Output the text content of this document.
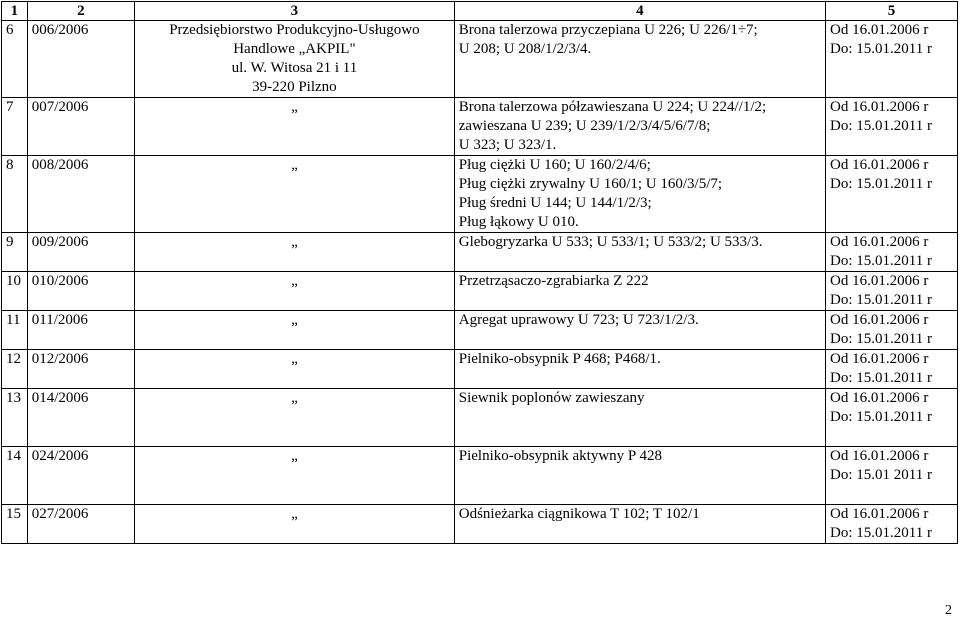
1	2	3	4	5
6	006/2006	Przedsiębiorstwo Produkcyjno-Usługowo
Handlowe „AKPIL"
ul. W. Witosa 21 i 11
39-220 Pilzno	Brona talerzowa przyczepiana U 226; U 226/1÷7;
U 208; U 208/1/2/3/4.	Od 16.01.2006 r
Do: 15.01.2011 r
7	007/2006	„	Brona talerzowa półzawieszana U 224; U 224//1/2;
zawieszana U 239; U 239/1/2/3/4/5/6/7/8;
U 323; U 323/1.	Od 16.01.2006 r
Do: 15.01.2011 r
8	008/2006	„	Pług ciężki U 160; U 160/2/4/6;
Pług ciężki zrywalny U 160/1; U 160/3/5/7;
Pług średni U 144; U 144/1/2/3;
Pług łąkowy U 010.	Od 16.01.2006 r
Do: 15.01.2011 r
9	009/2006	„	Glebogryzarka U 533; U 533/1; U 533/2; U 533/3.	Od 16.01.2006 r
Do: 15.01.2011 r
10	010/2006	„	Przetrząsaczo-zgrabiarka Z 222	Od 16.01.2006 r
Do: 15.01.2011 r
11	011/2006	„	Agregat uprawowy U 723; U 723/1/2/3.	Od 16.01.2006 r
Do: 15.01.2011 r
12	012/2006	„	Pielniko-obsypnik P 468; P468/1.	Od 16.01.2006 r
Do: 15.01.2011 r
13	014/2006	„	Siewnik poplonów zawieszany	Od 16.01.2006 r
Do: 15.01.2011 r
14	024/2006	„	Pielniko-obsypnik aktywny P 428	Od 16.01.2006 r
Do: 15.01 2011 r
15	027/2006	„	Odśnieżarka ciągnikowa T 102; T 102/1	Od 16.01.2006 r
Do: 15.01.2011 r
2
